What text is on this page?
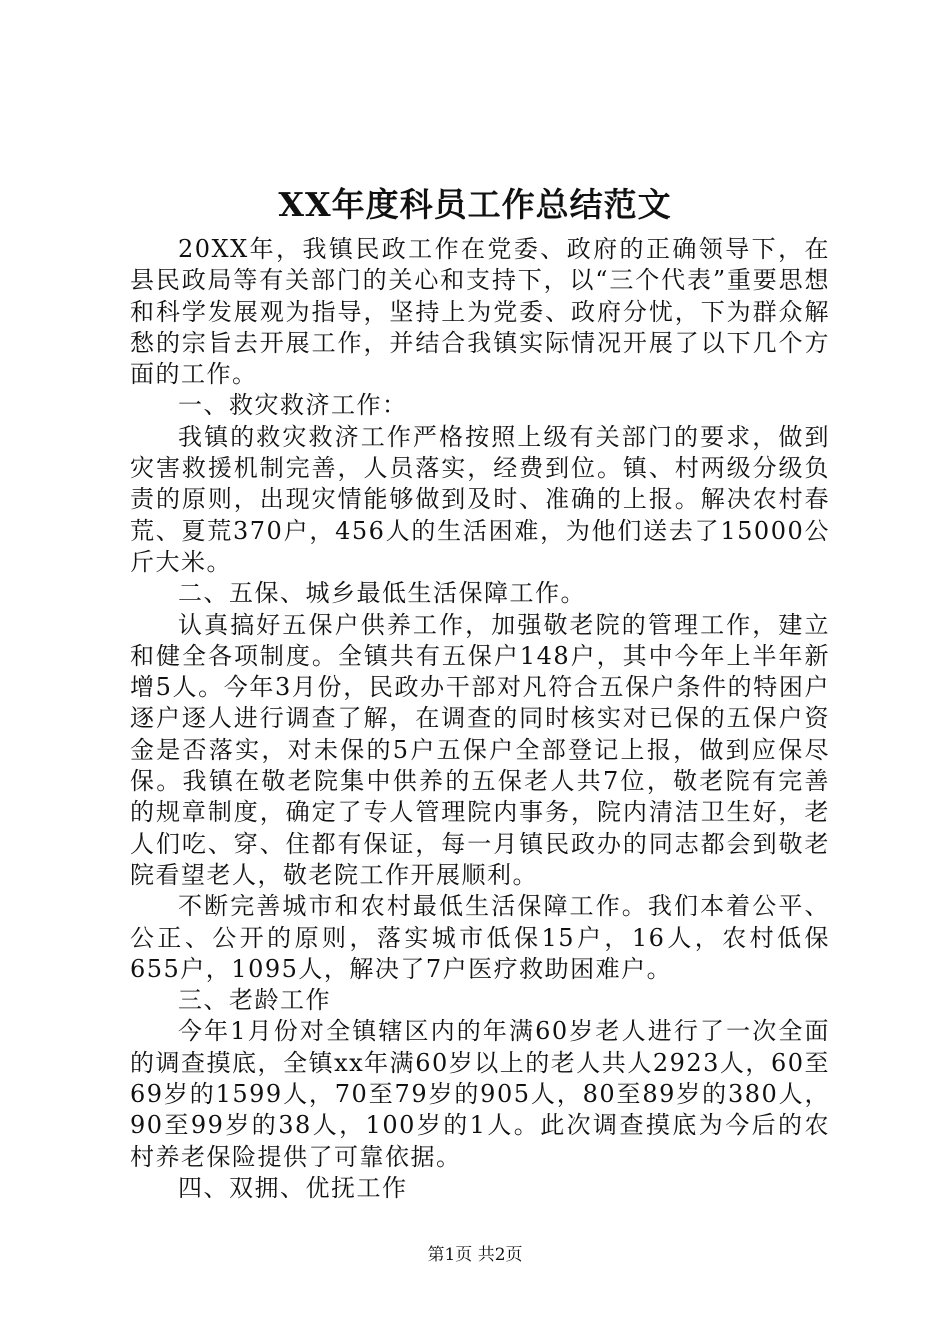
XX年度科员工作总结范文

20XX年，我镇民政工作在党委、政府的正确领导下，在县民政局等有关部门的关心和支持下，以“三个代表”重要思想和科学发展观为指导，坚持上为党委、政府分忧，下为群众解愁的宗旨去开展工作，并结合我镇实际情况开展了以下几个方面的工作。

一、救灾救济工作：

我镇的救灾救济工作严格按照上级有关部门的要求，做到灾害救援机制完善，人员落实，经费到位。镇、村两级分级负责的原则，出现灾情能够做到及时、准确的上报。解决农村春荒、夏荒370户，456人的生活困难，为他们送去了15000公斤大米。

二、五保、城乡最低生活保障工作。

认真搞好五保户供养工作，加强敬老院的管理工作，建立和健全各项制度。全镇共有五保户148户，其中今年上半年新增5人。今年3月份，民政办干部对凡符合五保户条件的特困户逐户逐人进行调查了解，在调查的同时核实对已保的五保户资金是否落实，对未保的5户五保户全部登记上报，做到应保尽保。我镇在敬老院集中供养的五保老人共7位，敬老院有完善的规章制度，确定了专人管理院内事务，院内清洁卫生好，老人们吃、穿、住都有保证，每一月镇民政办的同志都会到敬老院看望老人，敬老院工作开展顺利。

不断完善城市和农村最低生活保障工作。我们本着公平、公正、公开的原则，落实城市低保15户，16人，农村低保655户，1095人，解决了7户医疗救助困难户。

三、老龄工作

今年1月份对全镇辖区内的年满60岁老人进行了一次全面的调查摸底，全镇xx年满60岁以上的老人共人2923人，60至69岁的1599人，70至79岁的905人，80至89岁的380人，90至99岁的38人，100岁的1人。此次调查摸底为今后的农村养老保险提供了可靠依据。

四、双拥、优抚工作

第1页 共2页
